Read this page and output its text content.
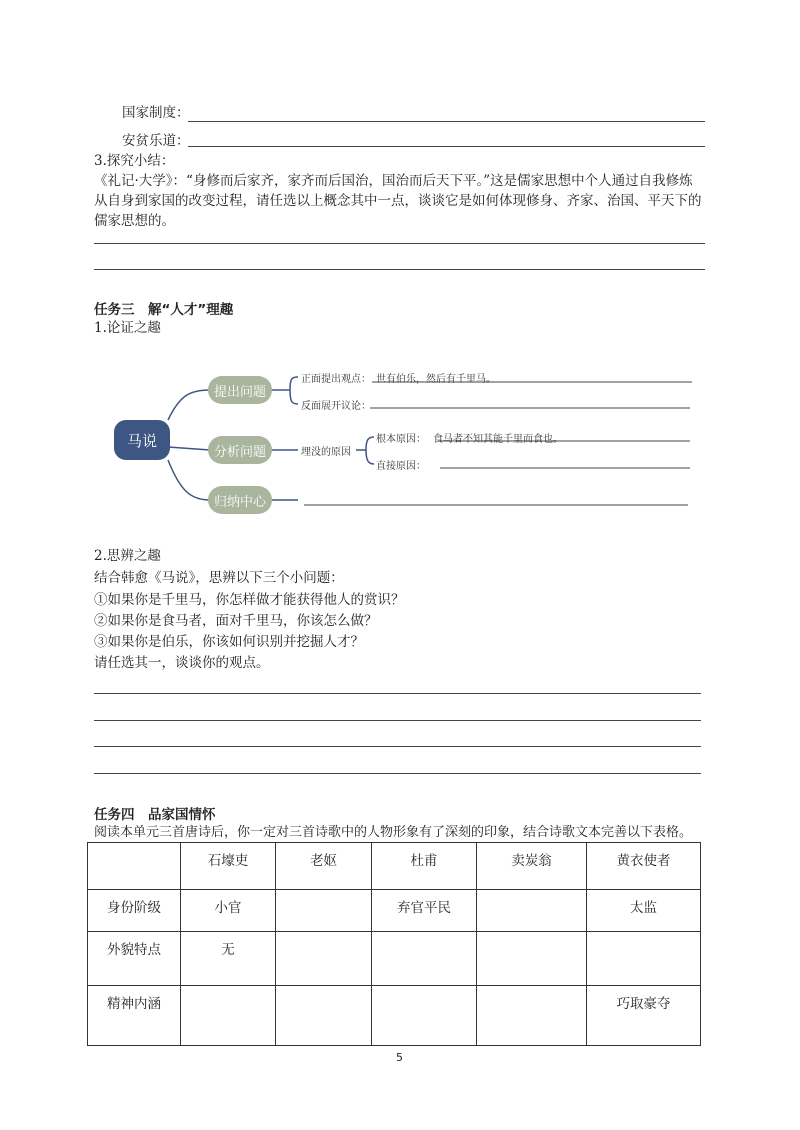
国家制度：
安贫乐道：
3.探究小结：
《礼记·大学》：“身修而后家齐，家齐而后国治，国治而后天下平。”这是儒家思想中个人通过自我修炼
从自身到家国的改变过程，请任选以上概念其中一点，谈谈它是如何体现修身、齐家、治国、平天下的
儒家思想的。
任务三　解“人才”理趣
1.论证之趣
马说
提出问题
分析问题
归纳中心
正面提出观点： 世有伯乐，然后有千里马。
反面展开议论：
埋没的原因
根本原因： 食马者不知其能千里而食也。
直接原因：
2.思辨之趣
结合韩愈《马说》，思辨以下三个小问题：
①如果你是千里马，你怎样做才能获得他人的赏识？
②如果你是食马者，面对千里马，你该怎么做？
③如果你是伯乐，你该如何识别并挖掘人才？
请任选其一，谈谈你的观点。
任务四　品家国情怀
阅读本单元三首唐诗后，你一定对三首诗歌中的人物形象有了深刻的印象，结合诗歌文本完善以下表格。
	石壕吏	老妪	杜甫	卖炭翁	黄衣使者
身份阶级	小官		弃官平民		太监
外貌特点	无				
精神内涵					巧取豪夺
5
